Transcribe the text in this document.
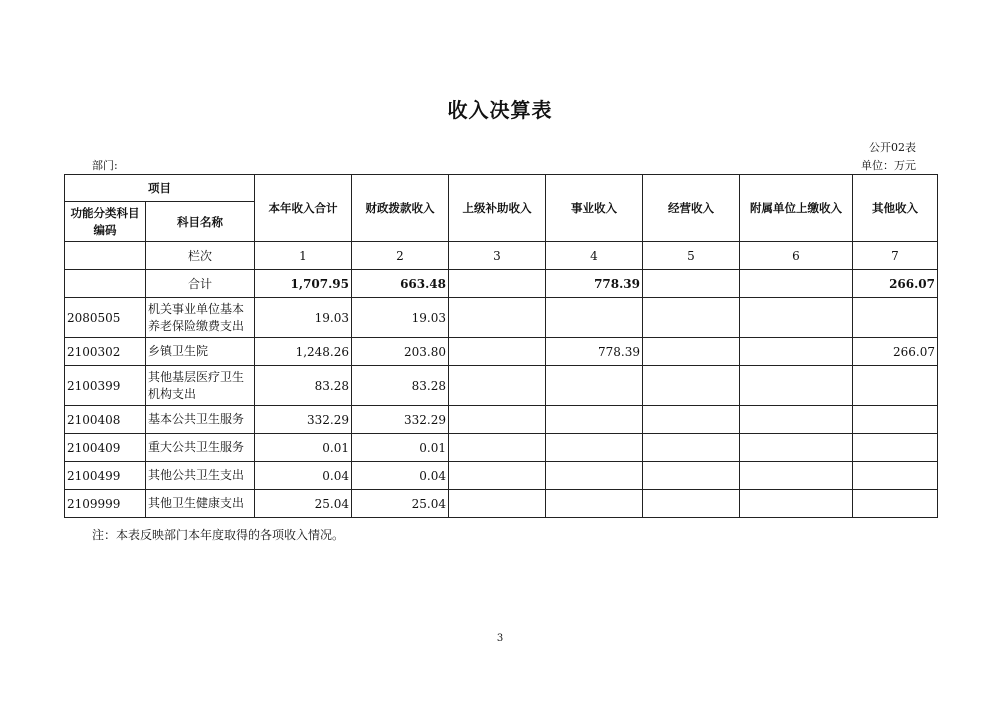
收入决算表
公开02表
部门:	单位：万元
项目		本年收入合计	财政拨款收入	上级补助收入	事业收入	经营收入	附属单位上缴收入	其他收入
功能分类科目编码	科目名称							
	栏次	1	2	3	4	5	6	7
	合计	1,707.95	663.48		778.39			266.07
2080505	机关事业单位基本养老保险缴费支出	19.03	19.03					
2100302	乡镇卫生院	1,248.26	203.80		778.39			266.07
2100399	其他基层医疗卫生机构支出	83.28	83.28					
2100408	基本公共卫生服务	332.29	332.29					
2100409	重大公共卫生服务	0.01	0.01					
2100499	其他公共卫生支出	0.04	0.04					
2109999	其他卫生健康支出	25.04	25.04					
注：本表反映部门本年度取得的各项收入情况。
3
